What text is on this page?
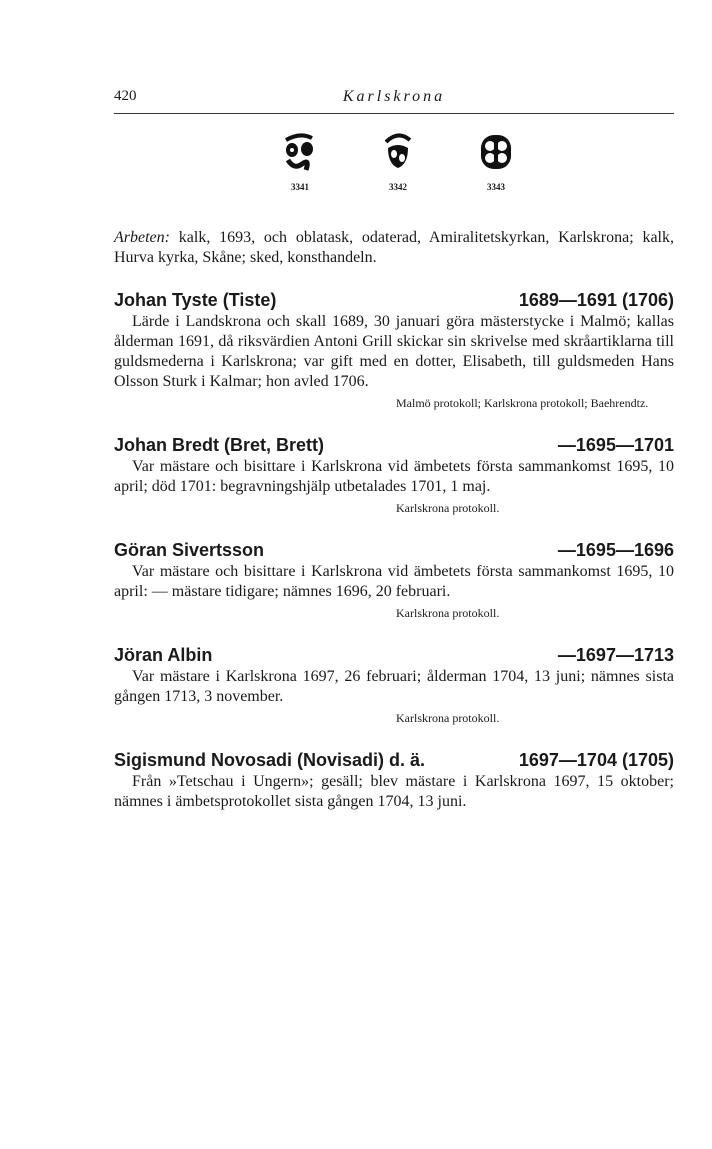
420	Karlskrona
3341	3342	3343

Arbeten: kalk, 1693, och oblatask, odaterad, Amiralitetskyrkan, Karlskrona; kalk, Hurva kyrka, Skåne; sked, konsthandeln.

Johan Tyste (Tiste)	1689—1691 (1706)

Lärde i Landskrona och skall 1689, 30 januari göra mästerstycke i Malmö; kallas ålderman 1691, då riksvärdien Antoni Grill skickar sin skrivelse med skråartiklarna till guldsmederna i Karlskrona; var gift med en dotter, Elisabeth, till guldsmeden Hans Olsson Sturk i Kalmar; hon avled 1706.

Malmö protokoll; Karlskrona protokoll; Baehrendtz.
Johan Bredt (Bret, Brett)	—1695—1701

Var mästare och bisittare i Karlskrona vid ämbetets första sammankomst 1695, 10 april; död 1701: begravningshjälp utbetalades 1701, 1 maj.

Karlskrona protokoll.
Göran Sivertsson	—1695—1696

Var mästare och bisittare i Karlskrona vid ämbetets första sammankomst 1695, 10 april: — mästare tidigare; nämnes 1696, 20 februari.

Karlskrona protokoll.
Jöran Albin	—1697—1713

Var mästare i Karlskrona 1697, 26 februari; ålderman 1704, 13 juni; nämnes sista gången 1713, 3 november.

Karlskrona protokoll.
Sigismund Novosadi (Novisadi) d. ä.	1697—1704 (1705)

Från »Tetschau i Ungern»; gesäll; blev mästare i Karlskrona 1697, 15 oktober; nämnes i ämbetsprotokollet sista gången 1704, 13 juni.
